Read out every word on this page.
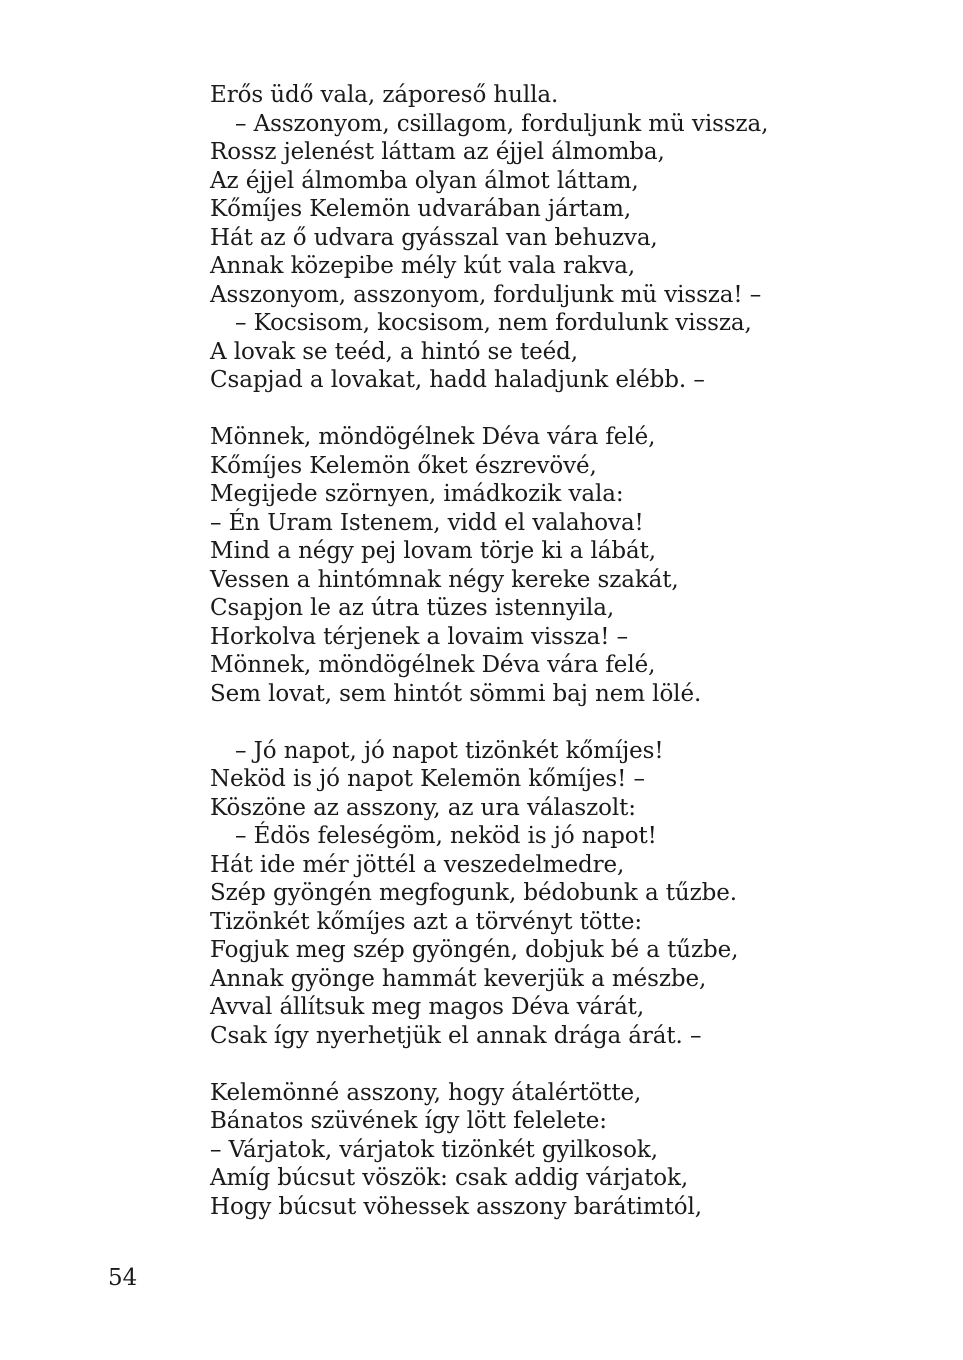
Erős üdő vala, záporeső hulla.
– Asszonyom, csillagom, forduljunk mü vissza,
Rossz jelenést láttam az éjjel álmomba,
Az éjjel álmomba olyan álmot láttam,
Kőmíjes Kelemön udvarában jártam,
Hát az ő udvara gyásszal van behuzva,
Annak közepibe mély kút vala rakva,
Asszonyom, asszonyom, forduljunk mü vissza! –
– Kocsisom, kocsisom, nem fordulunk vissza,
A lovak se teéd, a hintó se teéd,
Csapjad a lovakat, hadd haladjunk elébb. –
Mönnek, möndögélnek Déva vára felé,
Kőmíjes Kelemön őket észrevövé,
Megijede szörnyen, imádkozik vala:
– Én Uram Istenem, vidd el valahova!
Mind a négy pej lovam törje ki a lábát,
Vessen a hintómnak négy kereke szakát,
Csapjon le az útra tüzes istennyila,
Horkolva térjenek a lovaim vissza! –
Mönnek, möndögélnek Déva vára felé,
Sem lovat, sem hintót sömmi baj nem lölé.
– Jó napot, jó napot tizönkét kőmíjes!
Neköd is jó napot Kelemön kőmíjes! –
Köszöne az asszony, az ura válaszolt:
– Édös feleségöm, neköd is jó napot!
Hát ide mér jöttél a veszedelmedre,
Szép gyöngén megfogunk, bédobunk a tűzbe.
Tizönkét kőmíjes azt a törvényt tötte:
Fogjuk meg szép gyöngén, dobjuk bé a tűzbe,
Annak gyönge hammát keverjük a mészbe,
Avval állítsuk meg magos Déva várát,
Csak így nyerhetjük el annak drága árát. –
Kelemönné asszony, hogy átalértötte,
Bánatos szüvének így lött felelete:
– Várjatok, várjatok tizönkét gyilkosok,
Amíg búcsut vöszök: csak addig várjatok,
Hogy búcsut vöhessek asszony barátimtól,
54
